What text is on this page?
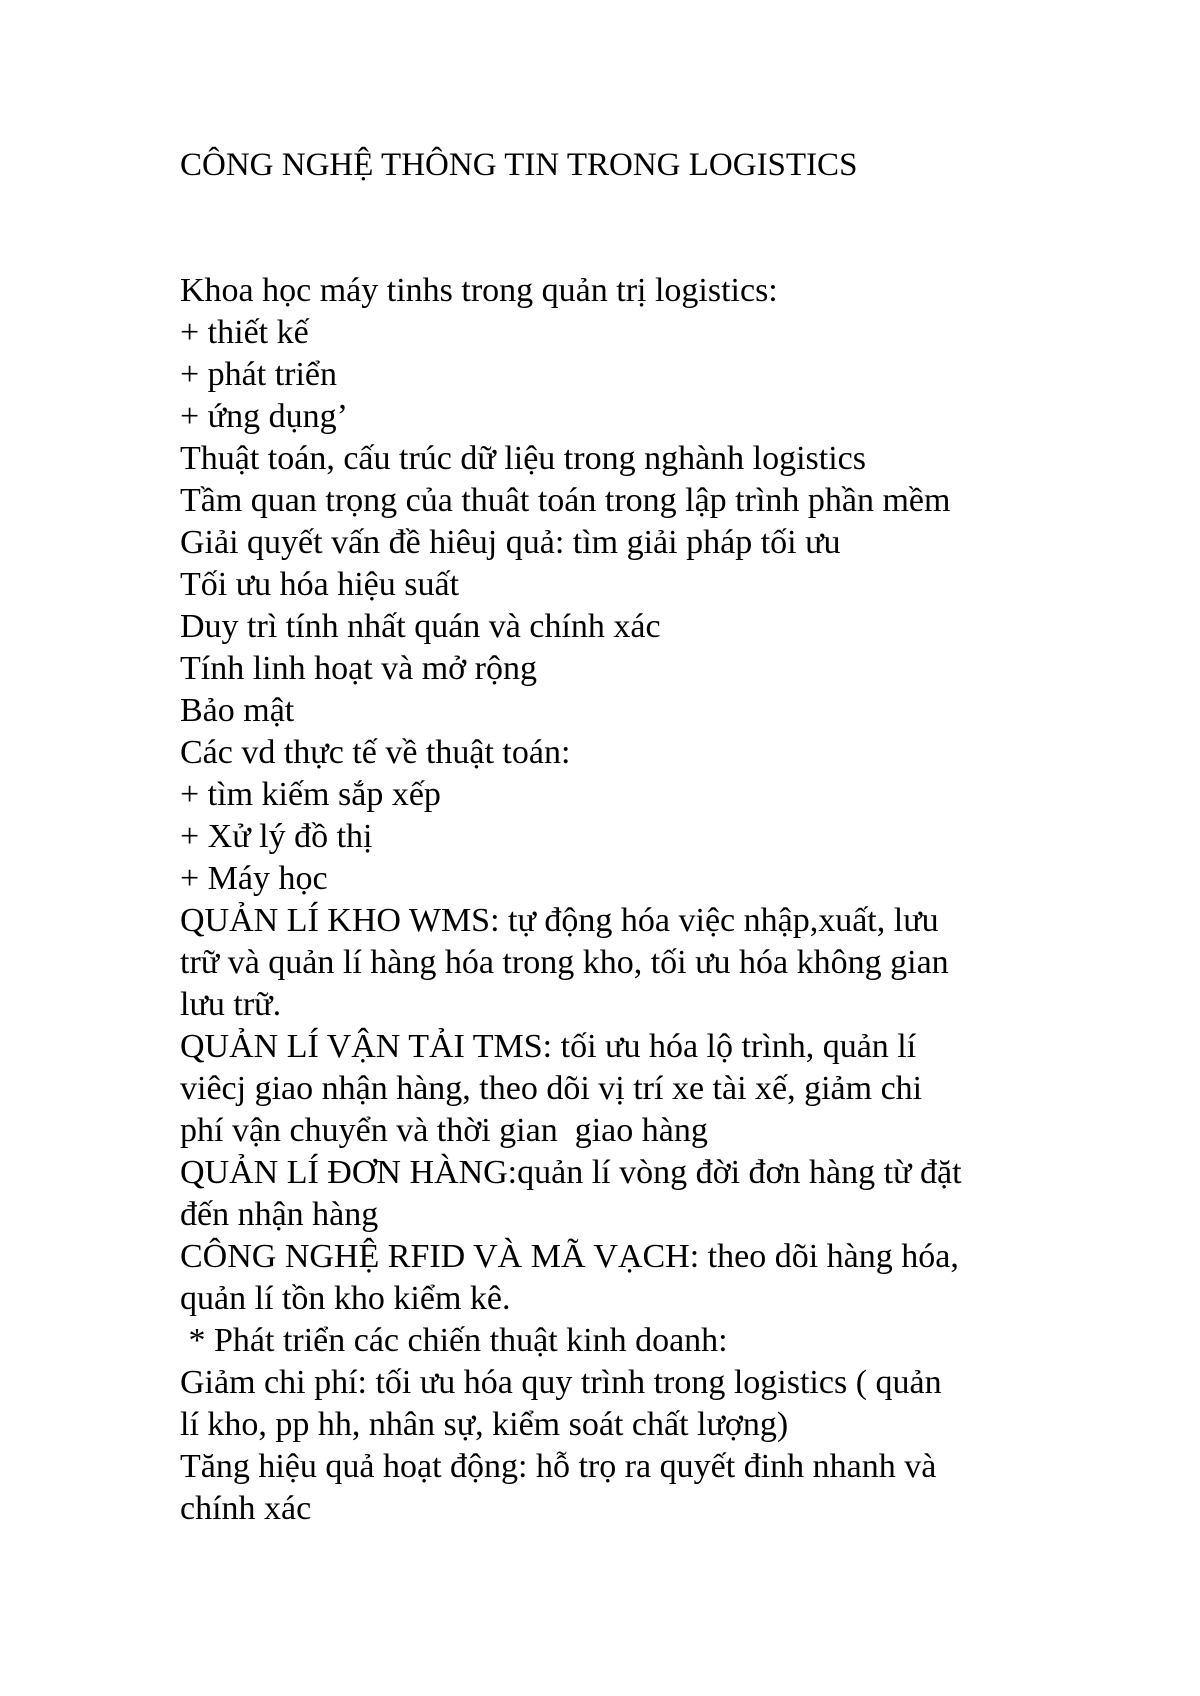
CÔNG NGHỆ THÔNG TIN TRONG LOGISTICS
Khoa học máy tinhs trong quản trị logistics:
+ thiết kế
+ phát triển
+ ứng dụng’
Thuật toán, cấu trúc dữ liệu trong nghành logistics
Tầm quan trọng của thuât toán trong lập trình phần mềm
Giải quyết vấn đề hiêuj quả: tìm giải pháp tối ưu
Tối ưu hóa hiệu suất
Duy trì tính nhất quán và chính xác
Tính linh hoạt và mở rộng
Bảo mật
Các vd thực tế về thuật toán:
+ tìm kiếm sắp xếp
+ Xử lý đồ thị
+ Máy học
QUẢN LÍ KHO WMS: tự động hóa việc nhập,xuất, lưu
trữ và quản lí hàng hóa trong kho, tối ưu hóa không gian
lưu trữ.
QUẢN LÍ VẬN TẢI TMS: tối ưu hóa lộ trình, quản lí
viêcj giao nhận hàng, theo dõi vị trí xe tài xế, giảm chi
phí vận chuyển và thời gian  giao hàng
QUẢN LÍ ĐƠN HÀNG:quản lí vòng đời đơn hàng từ đặt
đến nhận hàng
CÔNG NGHỆ RFID VÀ MÃ VẠCH: theo dõi hàng hóa,
quản lí tồn kho kiểm kê.
* Phát triển các chiến thuật kinh doanh:
Giảm chi phí: tối ưu hóa quy trình trong logistics ( quản
lí kho, pp hh, nhân sự, kiểm soát chất lượng)
Tăng hiệu quả hoạt động: hỗ trọ ra quyết đinh nhanh và
chính xác
